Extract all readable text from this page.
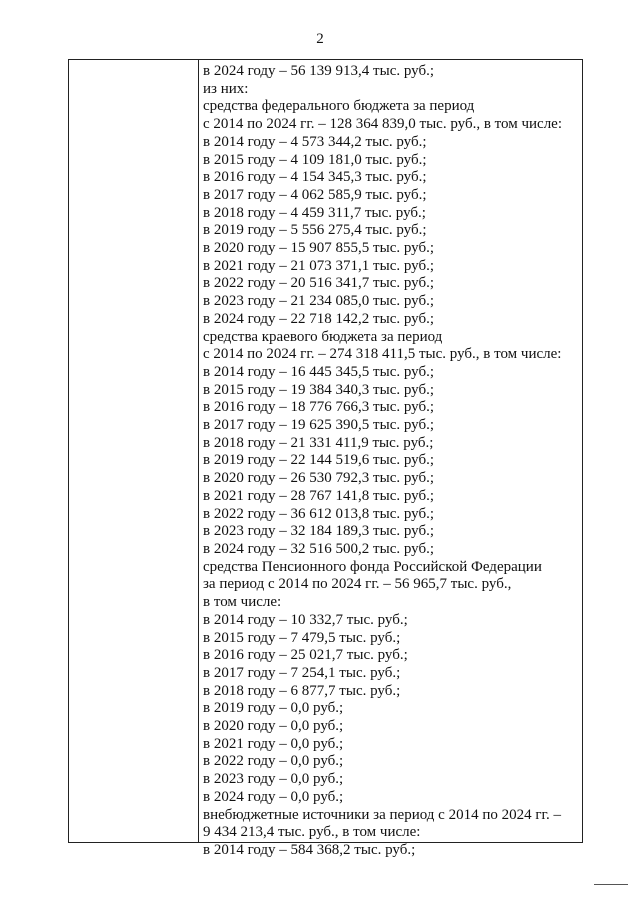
2
в 2024 году – 56 139 913,4 тыс. руб.;
из них:
средства федерального бюджета за период
с 2014 по 2024 гг. – 128 364 839,0 тыс. руб., в том числе:
в 2014 году – 4 573 344,2 тыс. руб.;
в 2015 году – 4 109 181,0 тыс. руб.;
в 2016 году – 4 154 345,3 тыс. руб.;
в 2017 году – 4 062 585,9 тыс. руб.;
в 2018 году – 4 459 311,7 тыс. руб.;
в 2019 году – 5 556 275,4 тыс. руб.;
в 2020 году – 15 907 855,5 тыс. руб.;
в 2021 году – 21 073 371,1 тыс. руб.;
в 2022 году – 20 516 341,7 тыс. руб.;
в 2023 году – 21 234 085,0 тыс. руб.;
в 2024 году – 22 718 142,2 тыс. руб.;
средства краевого бюджета за период
с 2014 по 2024 гг. – 274 318 411,5 тыс. руб., в том числе:
в 2014 году – 16 445 345,5 тыс. руб.;
в 2015 году – 19 384 340,3 тыс. руб.;
в 2016 году – 18 776 766,3 тыс. руб.;
в 2017 году – 19 625 390,5 тыс. руб.;
в 2018 году – 21 331 411,9 тыс. руб.;
в 2019 году – 22 144 519,6 тыс. руб.;
в 2020 году – 26 530 792,3 тыс. руб.;
в 2021 году – 28 767 141,8 тыс. руб.;
в 2022 году – 36 612 013,8 тыс. руб.;
в 2023 году – 32 184 189,3 тыс. руб.;
в 2024 году – 32 516 500,2 тыс. руб.;
средства Пенсионного фонда Российской Федерации
за период с 2014 по 2024 гг. – 56 965,7 тыс. руб.,
в том числе:
в 2014 году – 10 332,7 тыс. руб.;
в 2015 году – 7 479,5 тыс. руб.;
в 2016 году – 25 021,7 тыс. руб.;
в 2017 году – 7 254,1 тыс. руб.;
в 2018 году – 6 877,7 тыс. руб.;
в 2019 году – 0,0 руб.;
в 2020 году – 0,0 руб.;
в 2021 году – 0,0 руб.;
в 2022 году – 0,0 руб.;
в 2023 году – 0,0 руб.;
в 2024 году – 0,0 руб.;
внебюджетные источники за период с 2014 по 2024 гг. –
9 434 213,4 тыс. руб., в том числе:
в 2014 году – 584 368,2 тыс. руб.;
